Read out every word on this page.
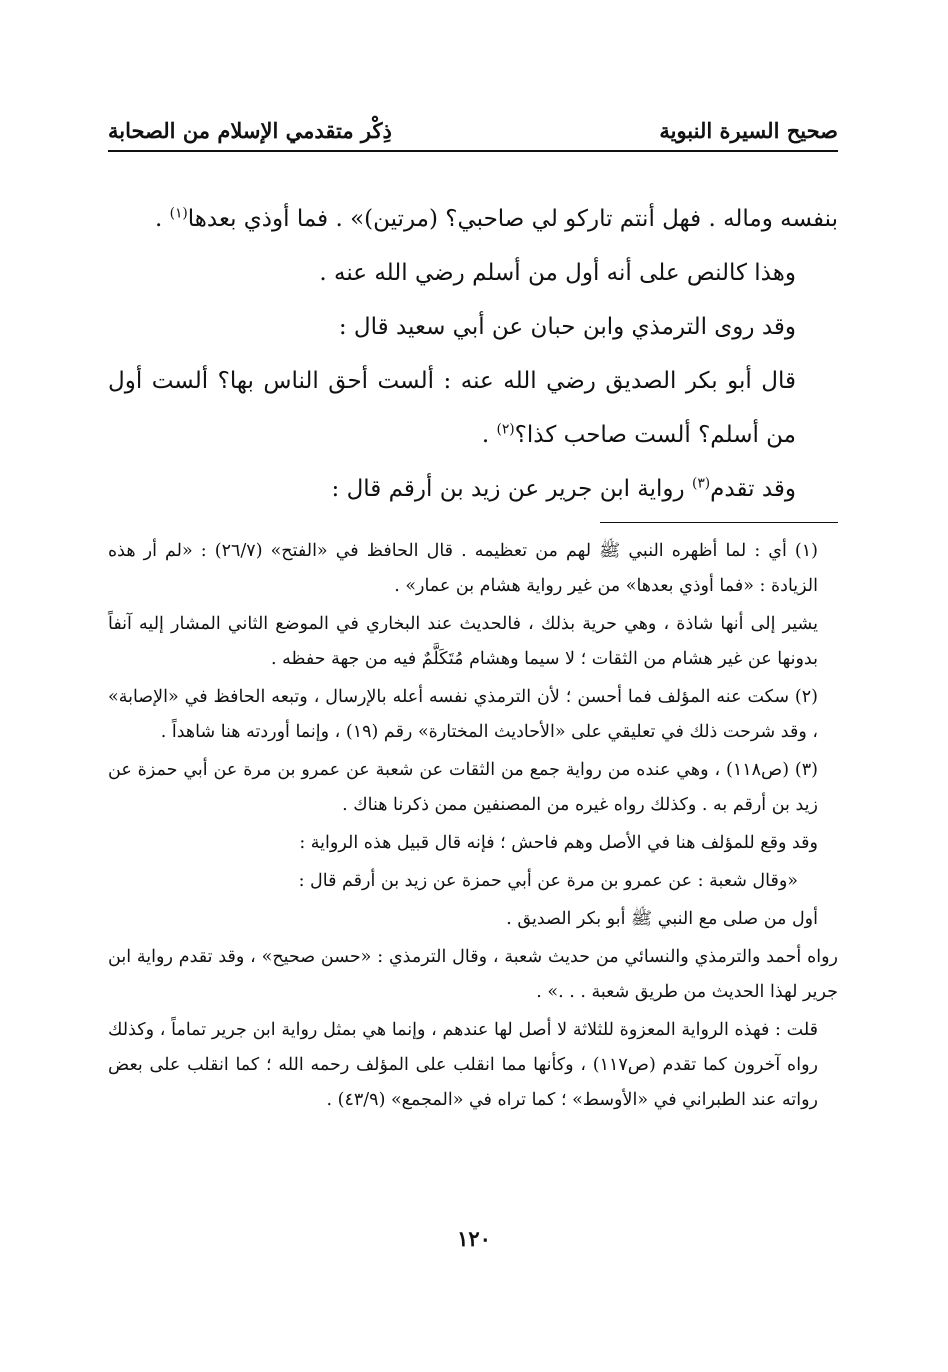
صحيح السيرة النبوية
ذِكْر متقدمي الإسلام من الصحابة

بنفسه وماله . فهل أنتم تاركو لي صاحبي؟ (مرتين)» . فما أوذي بعدها$^{(١)}$ .

وهذا كالنص على أنه أول من أسلم رضي الله عنه .

وقد روى الترمذي وابن حبان عن أبي سعيد قال :

قال أبو بكر الصديق رضي الله عنه : ألست أحق الناس بها؟ ألست أول من أسلم؟ ألست صاحب كذا؟$^{(٢)}$ .

وقد تقدم$^{(٣)}$ رواية ابن جرير عن زيد بن أرقم قال :

(١) أي : لما أظهره النبي ﷺ لهم من تعظيمه . قال الحافظ في «الفتح» (٢٦/٧) : «لم أر هذه الزيادة : «فما أوذي بعدها» من غير رواية هشام بن عمار» .

يشير إلى أنها شاذة ، وهي حرية بذلك ، فالحديث عند البخاري في الموضع الثاني المشار إليه آنفاً بدونها عن غير هشام من الثقات ؛ لا سيما وهشام مُتَكَلَّمٌ فيه من جهة حفظه .

(٢) سكت عنه المؤلف فما أحسن ؛ لأن الترمذي نفسه أعله بالإرسال ، وتبعه الحافظ في «الإصابة» ، وقد شرحت ذلك في تعليقي على «الأحاديث المختارة» رقم (١٩) ، وإنما أوردته هنا شاهداً .

(٣) (ص١١٨) ، وهي عنده من رواية جمع من الثقات عن شعبة عن عمرو بن مرة عن أبي حمزة عن زيد بن أرقم به . وكذلك رواه غيره من المصنفين ممن ذكرنا هناك .

وقد وقع للمؤلف هنا في الأصل وهم فاحش ؛ فإنه قال قبيل هذه الرواية :

«وقال شعبة : عن عمرو بن مرة عن أبي حمزة عن زيد بن أرقم قال :

أول من صلى مع النبي ﷺ أبو بكر الصديق .

رواه أحمد والترمذي والنسائي من حديث شعبة ، وقال الترمذي : «حسن صحيح» ، وقد تقدم رواية ابن جرير لهذا الحديث من طريق شعبة . . .» .

قلت : فهذه الرواية المعزوة للثلاثة لا أصل لها عندهم ، وإنما هي بمثل رواية ابن جرير تماماً ، وكذلك رواه آخرون كما تقدم (ص١١٧) ، وكأنها مما انقلب على المؤلف رحمه الله ؛ كما انقلب على بعض رواته عند الطبراني في «الأوسط» ؛ كما تراه في «المجمع» (٤٣/٩) .

١٢٠
